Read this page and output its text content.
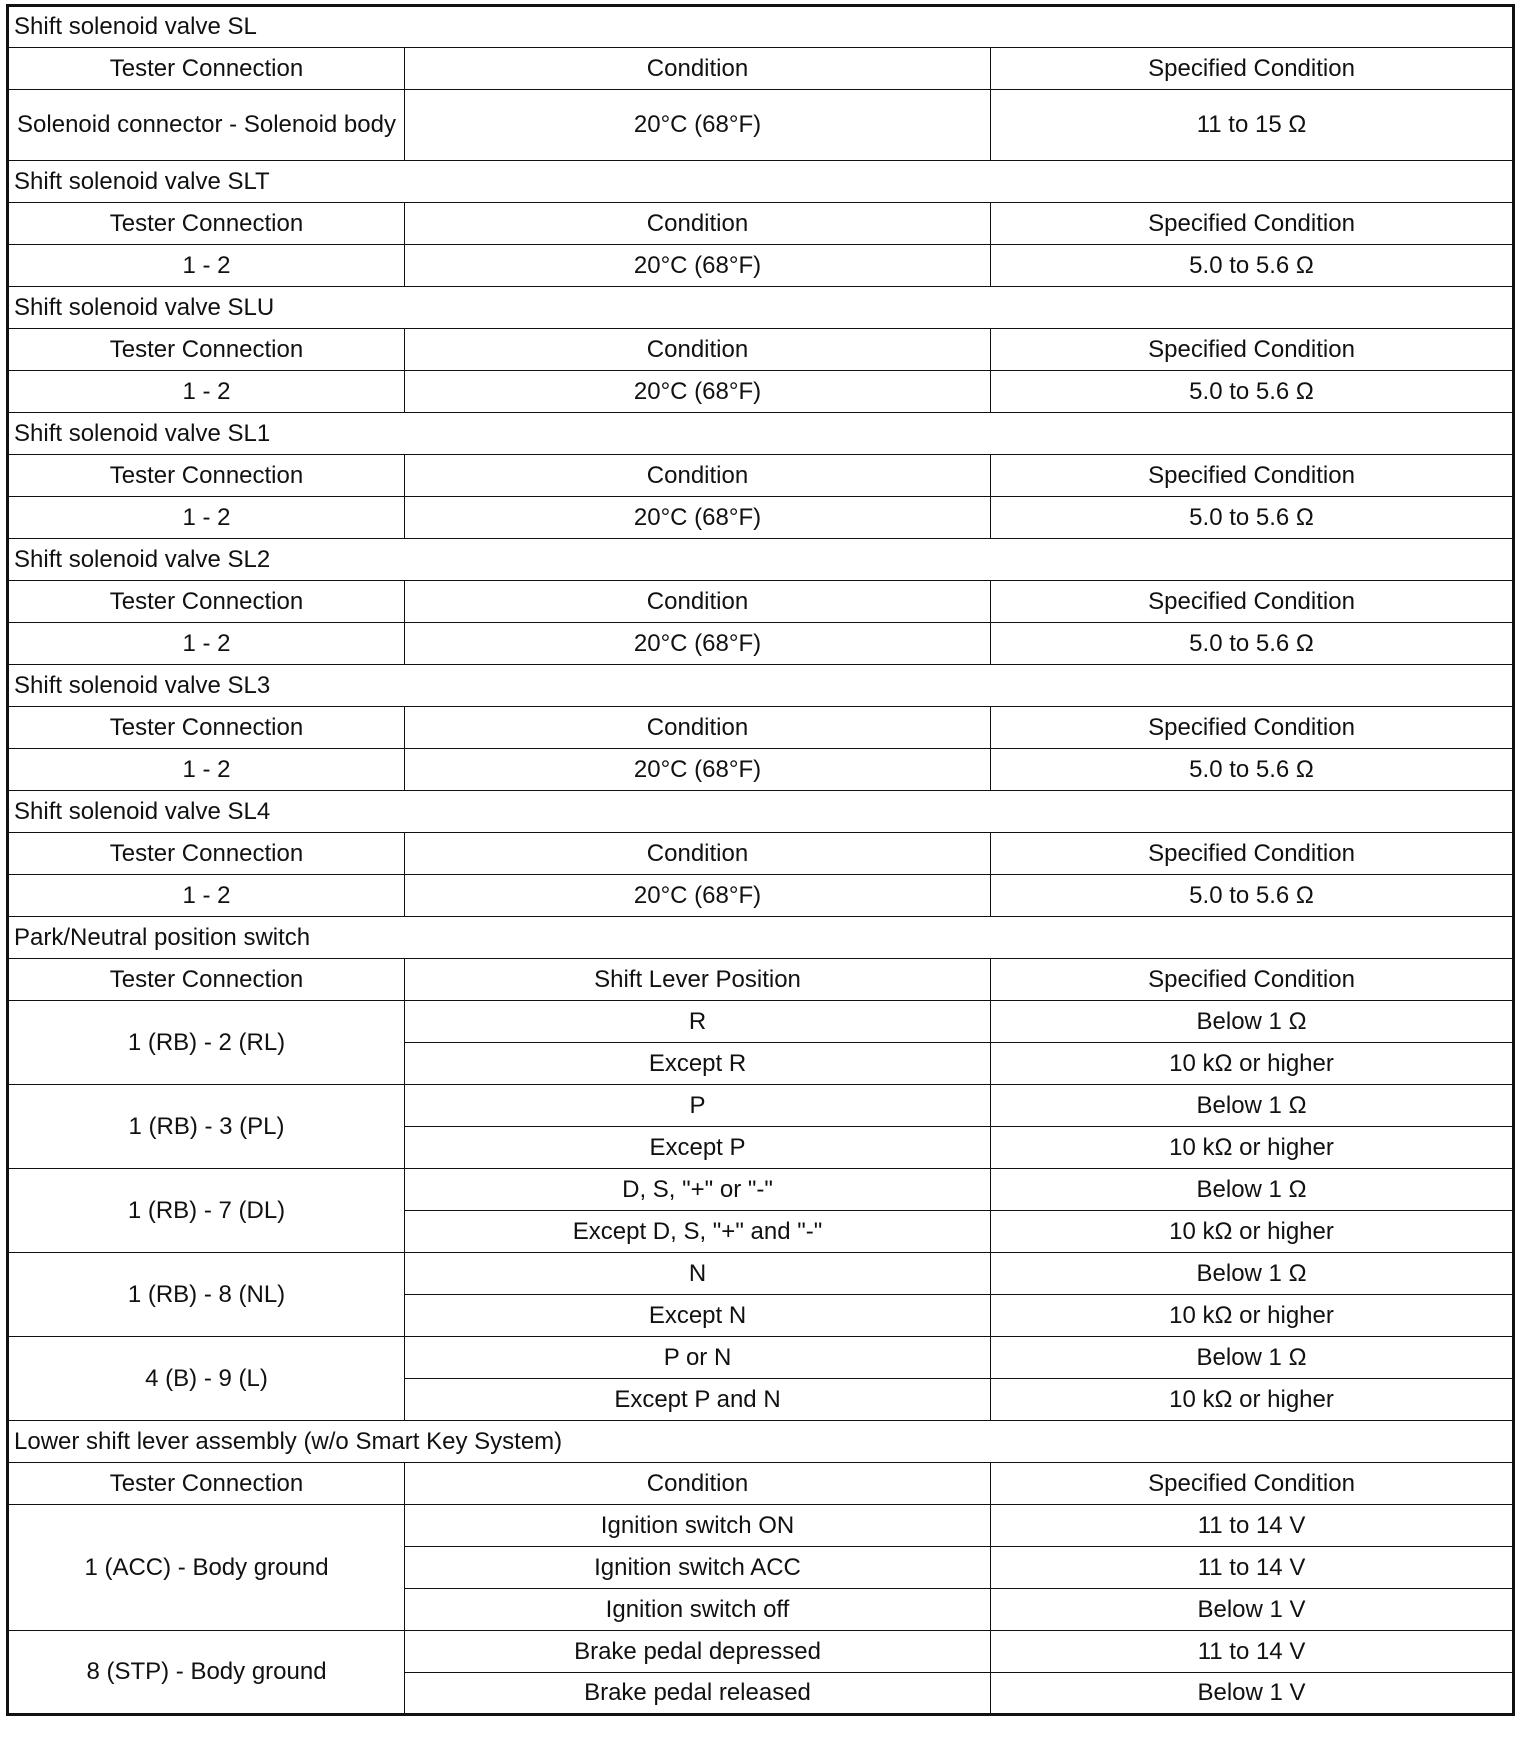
Shift solenoid valve SL		
Tester Connection	Condition	Specified Condition
Solenoid connector - Solenoid body	20°C (68°F)	11 to 15 Ω
Shift solenoid valve SLT		
Tester Connection	Condition	Specified Condition
1 - 2	20°C (68°F)	5.0 to 5.6 Ω
Shift solenoid valve SLU		
Tester Connection	Condition	Specified Condition
1 - 2	20°C (68°F)	5.0 to 5.6 Ω
Shift solenoid valve SL1		
Tester Connection	Condition	Specified Condition
1 - 2	20°C (68°F)	5.0 to 5.6 Ω
Shift solenoid valve SL2		
Tester Connection	Condition	Specified Condition
1 - 2	20°C (68°F)	5.0 to 5.6 Ω
Shift solenoid valve SL3		
Tester Connection	Condition	Specified Condition
1 - 2	20°C (68°F)	5.0 to 5.6 Ω
Shift solenoid valve SL4		
Tester Connection	Condition	Specified Condition
1 - 2	20°C (68°F)	5.0 to 5.6 Ω
Park/Neutral position switch		
Tester Connection	Shift Lever Position	Specified Condition
1 (RB) - 2 (RL)	R	Below 1 Ω
	Except R	10 kΩ or higher
1 (RB) - 3 (PL)	P	Below 1 Ω
	Except P	10 kΩ or higher
1 (RB) - 7 (DL)	D, S, "+" or "-"	Below 1 Ω
	Except D, S, "+" and "-"	10 kΩ or higher
1 (RB) - 8 (NL)	N	Below 1 Ω
	Except N	10 kΩ or higher
4 (B) - 9 (L)	P or N	Below 1 Ω
	Except P and N	10 kΩ or higher
Lower shift lever assembly (w/o Smart Key System)		
Tester Connection	Condition	Specified Condition
1 (ACC) - Body ground	Ignition switch ON	11 to 14 V
	Ignition switch ACC	11 to 14 V
	Ignition switch off	Below 1 V
8 (STP) - Body ground	Brake pedal depressed	11 to 14 V
	Brake pedal released	Below 1 V
